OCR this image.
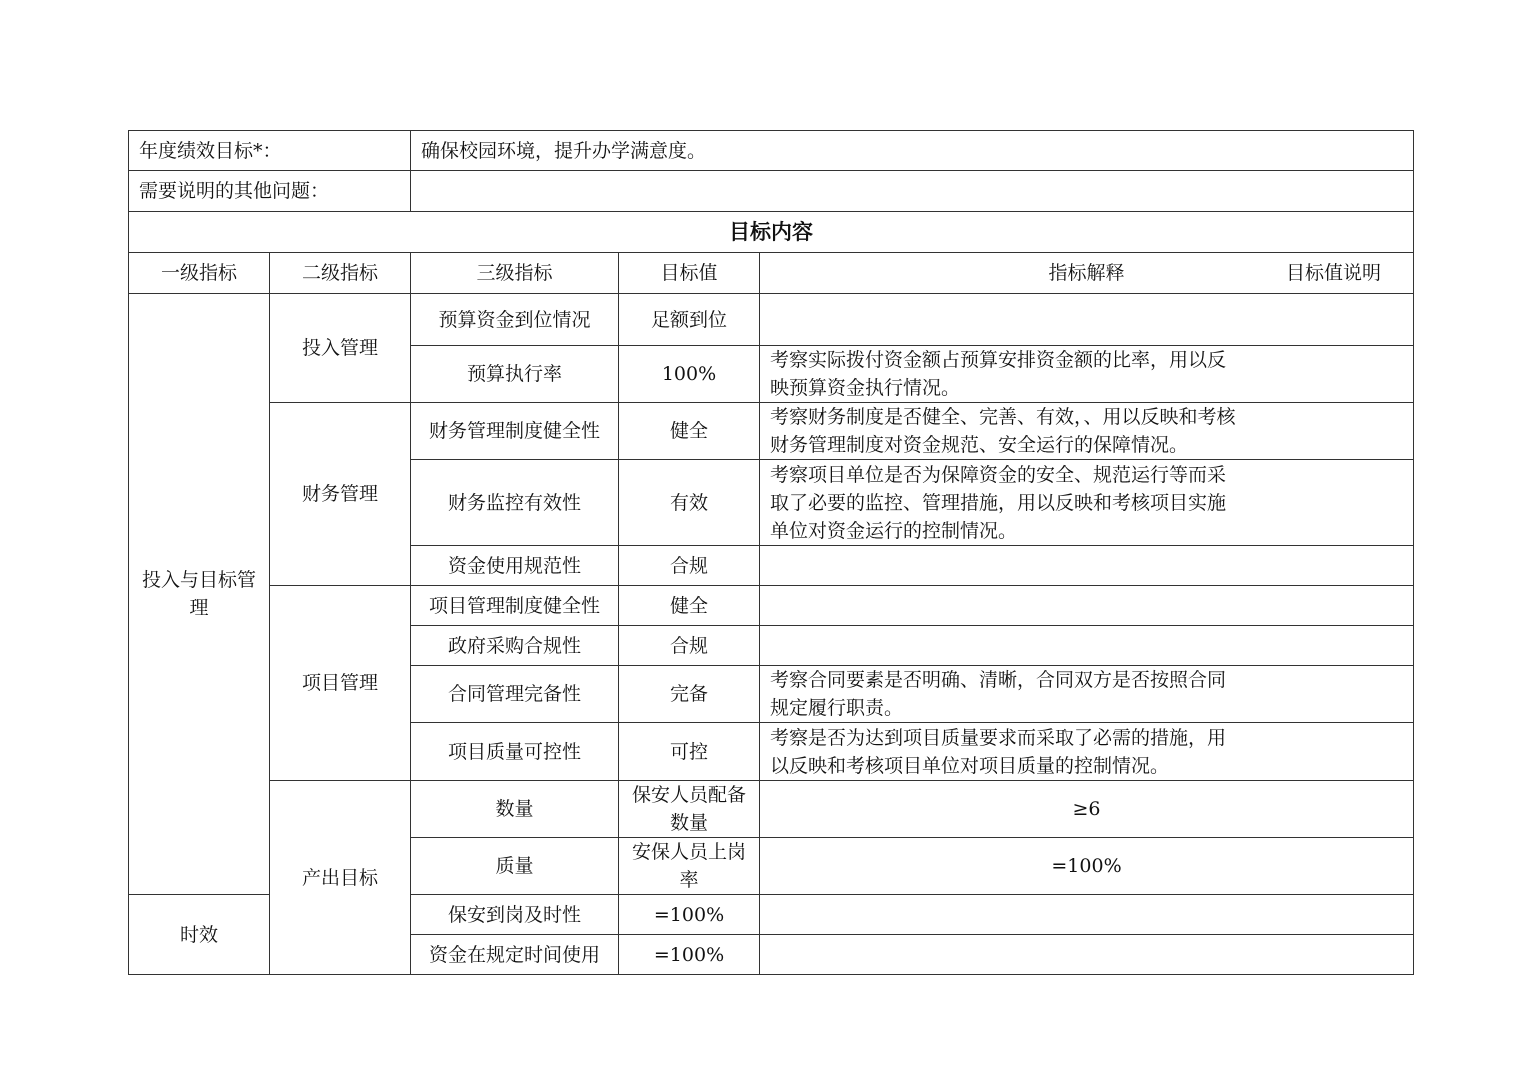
年度绩效目标*：		确保校园环境，提升办学满意度。			
需要说明的其他问题：					
目标内容					
一级指标	二级指标	三级指标	目标值	指标解释 目标值说明	

投入与目标管理	投入管理	预算资金到位情况	足额到位		
		预算执行率	100%	考察实际拨付资金额占预算安排资金额的比率，用以反映预算资金执行情况。	
	财务管理	财务管理制度健全性	健全	考察财务制度是否健全、完善、有效，、用以反映和考核财务管理制度对资金规范、安全运行的保障情况。	
		财务监控有效性	有效	考察项目单位是否为保障资金的安全、规范运行等而采取了必要的监控、管理措施，用以反映和考核项目实施单位对资金运行的控制情况。	
		资金使用规范性	合规		
	项目管理	项目管理制度健全性	健全		
		政府采购合规性	合规		
		合同管理完备性	完备	考察合同要素是否明确、清晰，合同双方是否按照合同规定履行职责。	
		项目质量可控性	可控	考察是否为达到项目质量要求而采取了必需的措施，用以反映和考核项目单位对项目质量的控制情况。	
	产出目标	数量	保安人员配备数量	≥6	
		质量	安保人员上岗率	=100%	
时效		保安到岗及时性	=100%		
		资金在规定时间使用	=100%		
